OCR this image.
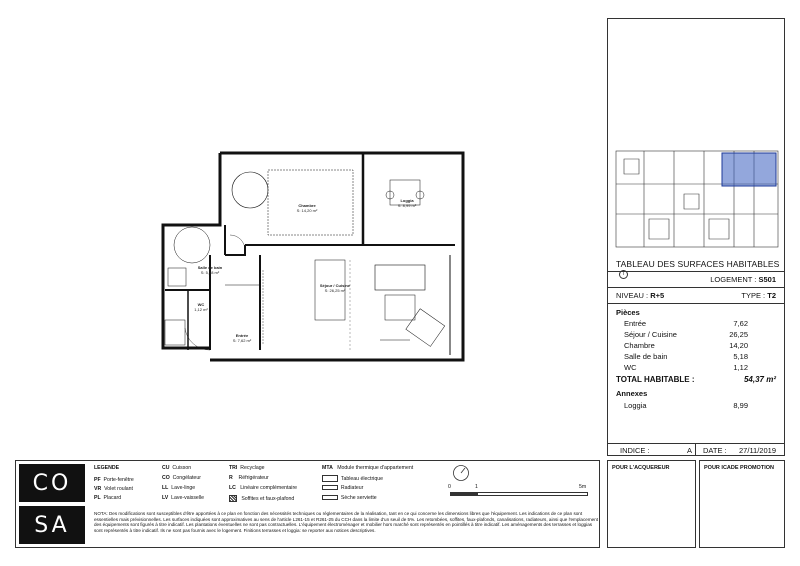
Chambre
S: 14,20 m²
Loggia
S: 8,99 m²
Salle de bain
S: 5,18 m²
Séjour / Cuisine
S: 26,25 m²
Entrée
S: 7,62 m²
WC
1,12 m²
TABLEAU DES SURFACES HABITABLESi
LOGEMENT : S501
NIVEAU : R+5	TYPE : T2
Pièces
Entrée	7,62
Séjour / Cuisine	26,25
Chambre	14,20
Salle de bain	5,18
WC	1,12
TOTAL HABITABLE :	54,37 m²
Annexes
Loggia	8,99
INDICE :	A DATE : 27/11/2019
CO
SA
LEGENDE
PF Porte-fenêtre
VR Volet roulant
PL Placard
CU Cuisson
CO Congélateur
LL Lave-linge
LV Lave-vaisselle
TRI Recyclage
R Réfrigérateur
LC Linéaire complémentaire
Soffites et faux-plafond
MTA Module thermique d'appartement
Tableau électrique
Radiateur
Sèche serviette
0	1	5m
NOTA: Des modifications sont susceptibles d'être apportées à ce plan en fonction des nécessités techniques ou réglementaires de la réalisation, tant en ce qui concerne les dimensions libres que l'équipement. Les indications de ce plan sont essentielles mais prévisionnelles. Les surfaces indiquées sont approximatives au sens de l'article L261-15 et R261-25 du CCH dans la limite d'un seuil de 5%. Les retombées, soffites, faux-plafonds, canalisations, radiateurs, ainsi que l'emplacement des équipements sont figurés à titre indicatif. Les plantations éventuelles ne sont pas contractuelles. L'équipement électroménager et mobilier hors marché sont représentés en pointillés à titre indicatif. Les aménagements des terrasses et loggias sont représentés à titre indicatif. Ils ne sont pas fournis avec le logement. Finitions terrasses et loggia: se reporter aux notices descriptives.
POUR L'ACQUEREUR	POUR ICADE PROMOTION
